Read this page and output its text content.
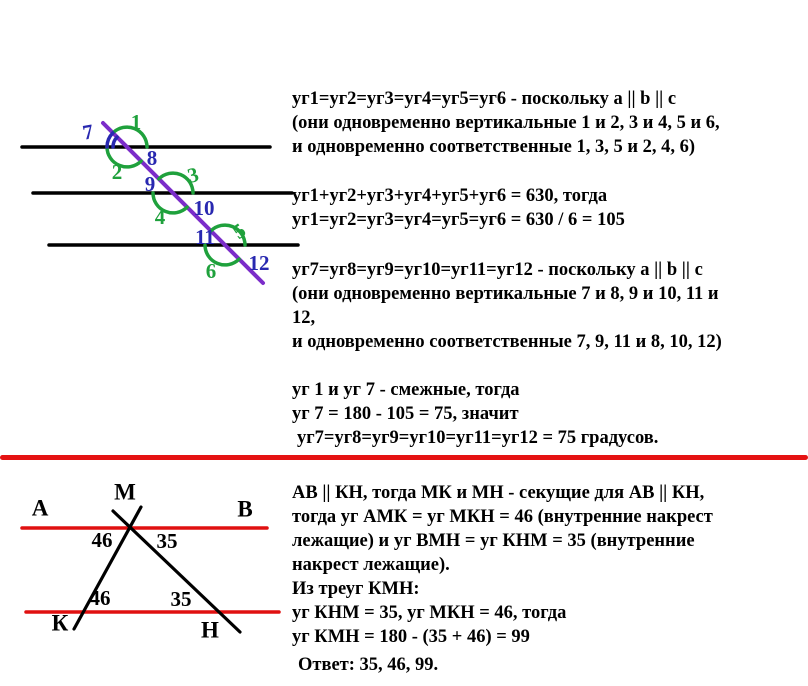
1
2	3
4
5
6
7
8
9
10
11
12
уг1=уг2=уг3=уг4=уг5=уг6 - поскольку a || b || c
(они одновременно вертикальные 1 и 2, 3 и 4, 5 и 6,
и одновременно соответственные 1, 3, 5 и 2, 4, 6)
уг1+уг2+уг3+уг4+уг5+уг6 = 630, тогда
уг1=уг2=уг3=уг4=уг5=уг6 = 630 / 6 = 105
уг7=уг8=уг9=уг10=уг11=уг12 - поскольку a || b || c
(они одновременно вертикальные 7 и 8, 9 и 10, 11 и
12,
и одновременно соответственные 7, 9, 11 и 8, 10, 12)
уг 1 и уг 7 - смежные, тогда
уг 7 = 180 - 105 = 75, значит
уг7=уг8=уг9=уг10=уг11=уг12 = 75 градусов.
А
М
В
К	Н
46 35
46	35
АВ || КН, тогда МК и МН - секущие для АВ || КН,
тогда уг АМК = уг МКН = 46 (внутренние накрест
лежащие) и уг ВМН = уг КНМ = 35 (внутренние
накрест лежащие).
Из треуг КМН:
уг КНМ = 35, уг МКН = 46, тогда
уг КМН = 180 - (35 + 46) = 99
Ответ: 35, 46, 99.
